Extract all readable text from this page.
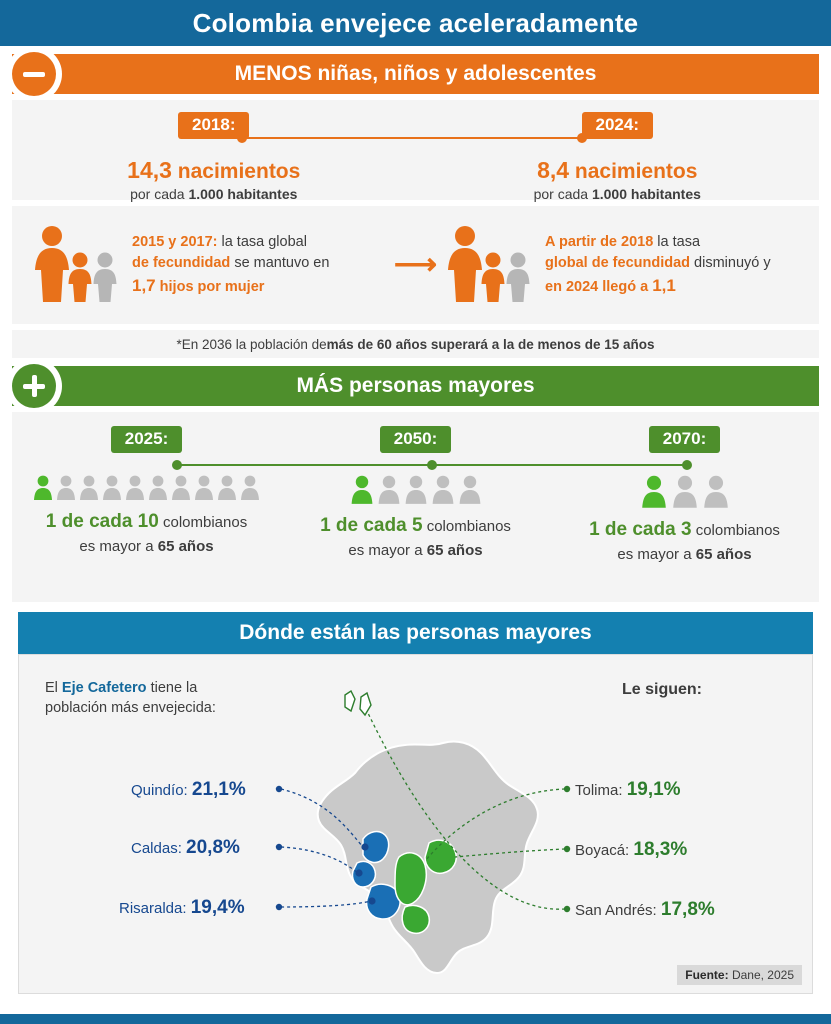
Colombia envejece aceleradamente
MENOS niñas, niños y adolescentes
2018:
14,3 nacimientos
por cada 1.000 habitantes
2024:
8,4 nacimientos
por cada 1.000 habitantes
2015 y 2017: la tasa global
de fecundidad se mantuvo en
1,7 hijos por mujer
⟶
A partir de 2018 la tasa
global de fecundidad disminuyó y
en 2024 llegó a 1,1
*En 2036 la población de más de 60 años superará a la de menos de 15 años
MÁS personas mayores
2025:
1 de cada 10 colombianos
es mayor a 65 años
2050:
1 de cada 5 colombianos
es mayor a 65 años
2070:
1 de cada 3 colombianos
es mayor a 65 años
Dónde están las personas mayores
El Eje Cafetero tiene la
población más envejecida:
Le siguen:
Quindío: 21,1%
Caldas: 20,8%
Risaralda: 19,4%
Tolima: 19,1%
Boyacá: 18,3%
San Andrés: 17,8%
Fuente: Dane, 2025
